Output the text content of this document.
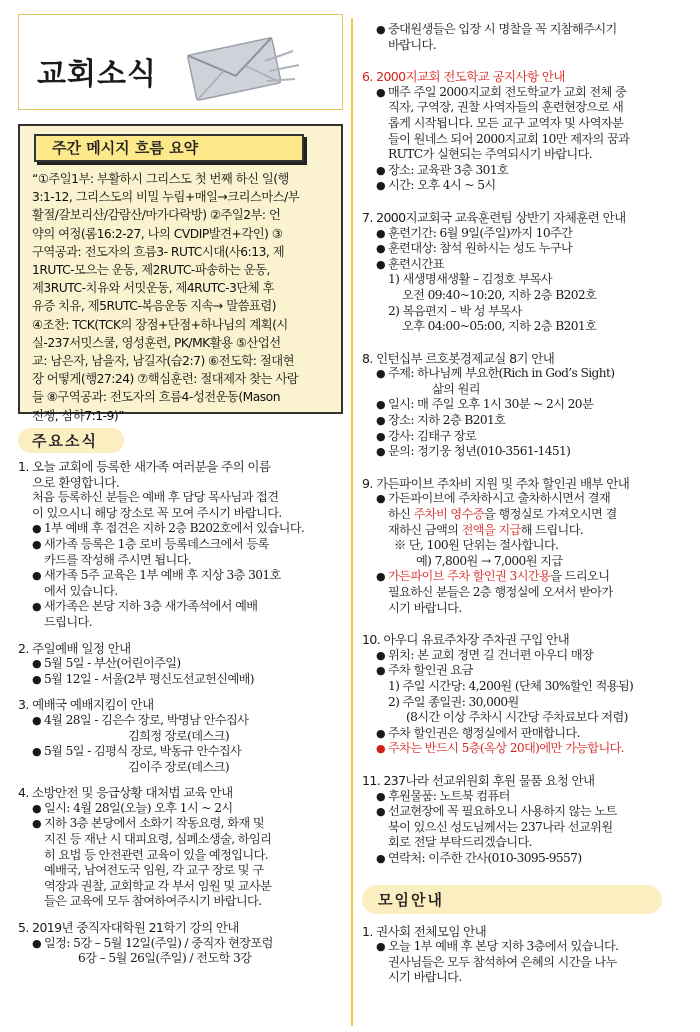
교회소식
주간 메시지 흐름 요약
“①주일1부: 부활하시 그리스도 첫 번째 하신 일(행
3:1-12, 그리스도의 비밀 누림+매일→크리스마스/부
활절/갈보리산/감람산/마가다락방) ②주일2부: 언
약의 여정(롬16:2-27, 나의 CVDIP발견+각인) ③
구역공과: 전도자의 흐름3- RUTC시대(사6:13, 제
1RUTC-모으는 운동, 제2RUTC-파송하는 운동,
제3RUTC-치유와 서밋운동, 제4RUTC-3단체 후
유증 치유, 제5RUTC-복음운동 지속→ 말씀표렴)
④조찬: TCK(TCK의 장점+단점+하나님의 계획(시
실-237서밋스쿨, 영성훈련, PK/MK활용 ⑤산업선
교: 남은자, 남을자, 남길자(습2:7) ⑥전도학: 절대현
장 어떻게(행27:24) ⑦핵심훈련: 절대제자 찾는 사람
들 ⑧구역공과: 전도자의 흐름4-성전운동(Mason
전쟁, 삼하7:1-9)”
주요소식
1. 오늘 교회에 등록한 새가족 여러분을 주의 이름
으로 환영합니다.
처음 등록하신 분들은 예배 후 담당 목사님과 접견
이 있으시니 해당 장소로 꼭 모여 주시기 바랍니다.
● 1부 예배 후 접견은 지하 2층 B202호에서 있습니다.
● 새가족 등록은 1층 로비 등록데스크에서 등록
카드를 작성해 주시면 됩니다.
● 새가족 5주 교육은 1부 예배 후 지상 3층 301호
에서 있습니다.
● 새가족은 본당 지하 3층 새가족석에서 예배
드립니다.
2. 주일예배 일정 안내
● 5월 5일 - 부산(어린이주일)
● 5월 12일 - 서울(2부 평신도선교헌신예배)
3. 예배국 예배지킴이 안내
● 4월 28일 - 김은수 장로, 박명남 안수집사
김희정 장로(데스크)
● 5월 5일 - 김평식 장로, 박동규 안수집사
김이주 장로(데스크)
4. 소방안전 및 응급상황 대처법 교육 안내
● 일시: 4월 28일(오늘) 오후 1시 ~ 2시
● 지하 3층 본당에서 소화기 작동요령, 화재 및
지진 등 재난 시 대피요령, 심폐소생술, 하임리
히 요법 등 안전관련 교육이 있을 예정입니다.
예배국, 남여전도국 임원, 각 교구 장로 및 구
역장과 권찰, 교회학교 각 부서 임원 및 교사분
들은 교육에 모두 참여하여주시기 바랍니다.
5. 2019년 중직자대학원 21학기 강의 안내
● 일정: 5강 – 5월 12일(주일) / 중직자 현장포럼
6강 – 5월 26일(주일) / 전도학 3강
● 중대원생들은 입장 시 명찰을 꼭 지참해주시기
바랍니다.
6. 2000지교회 전도학교 공지사항 안내
● 매주 주일 2000지교회 전도학교가 교회 전체 중
직자, 구역장, 권찰 사역자들의 훈련현장으로 새
롭게 시작됩니다. 모든 교구 교역자 및 사역자분
들이 원네스 되어 2000지교회 10만 제자의 꿈과
RUTC가 실현되는 주역되시기 바랍니다.
● 장소: 교육관 3층 301호
● 시간: 오후 4시 ~ 5시
7. 2000지교회국 교육훈련팀 상반기 자체훈련 안내
● 훈련기간: 6월 9일(주일)까지 10주간
● 훈련대상: 참석 원하시는 성도 누구나
● 훈련시간표
1) 새생명새생활 – 김정호 부목사
오전 09:40~10:20, 지하 2층 B202호
2) 복음편지 – 박 성 부목사
오후 04:00~05:00, 지하 2층 B201호
8. 인턴십부 르호봇경제교실 8기 안내
● 주제: 하나님께 부요한(Rich in God’s Sight)
삶의 원리
● 일시: 매 주일 오후 1시 30분 ~ 2시 20분
● 장소: 지하 2층 B201호
● 강사: 김태구 장로
● 문의: 정기웅 청년(010-3561-1451)
9. 가든파이브 주차비 지원 및 주차 할인권 배부 안내
● 가든파이브에 주차하시고 출차하시면서 결재
하신 주차비 영수증을 행정실로 가져오시면 결
재하신 금액의 전액을 지급해 드립니다.
※ 단, 100원 단위는 절사합니다.
예) 7,800원 → 7,000원 지급
● 가든파이브 주차 할인권 3시간용을 드리오니
필요하신 분들은 2층 행정실에 오셔서 받아가
시기 바랍니다.
10. 아우디 유료주차장 주차권 구입 안내
● 위치: 본 교회 정면 길 건너편 아우디 매장
● 주차 할인권 요금
1) 주일 시간당: 4,200원 (단체 30%할인 적용됨)
2) 주일 종일권: 30,000원
(8시간 이상 주차시 시간당 주차료보다 저렴)
● 주차 할인권은 행정실에서 판매합니다.
● 주차는 반드시 5층(옥상 20대)에만 가능합니다.
11. 237나라 선교위원회 후원 물품 요청 안내
● 후원물품: 노트북 컴퓨터
● 선교현장에 꼭 필요하오니 사용하지 않는 노트
북이 있으신 성도님께서는 237나라 선교위원
회로 전달 부탁드리겠습니다.
● 연락처: 이주한 간사(010-3095-9557)
모임안내
1. 권사회 전체모임 안내
● 오늘 1부 예배 후 본당 지하 3층에서 있습니다.
권사님들은 모두 참석하여 은혜의 시간을 나누
시기 바랍니다.
